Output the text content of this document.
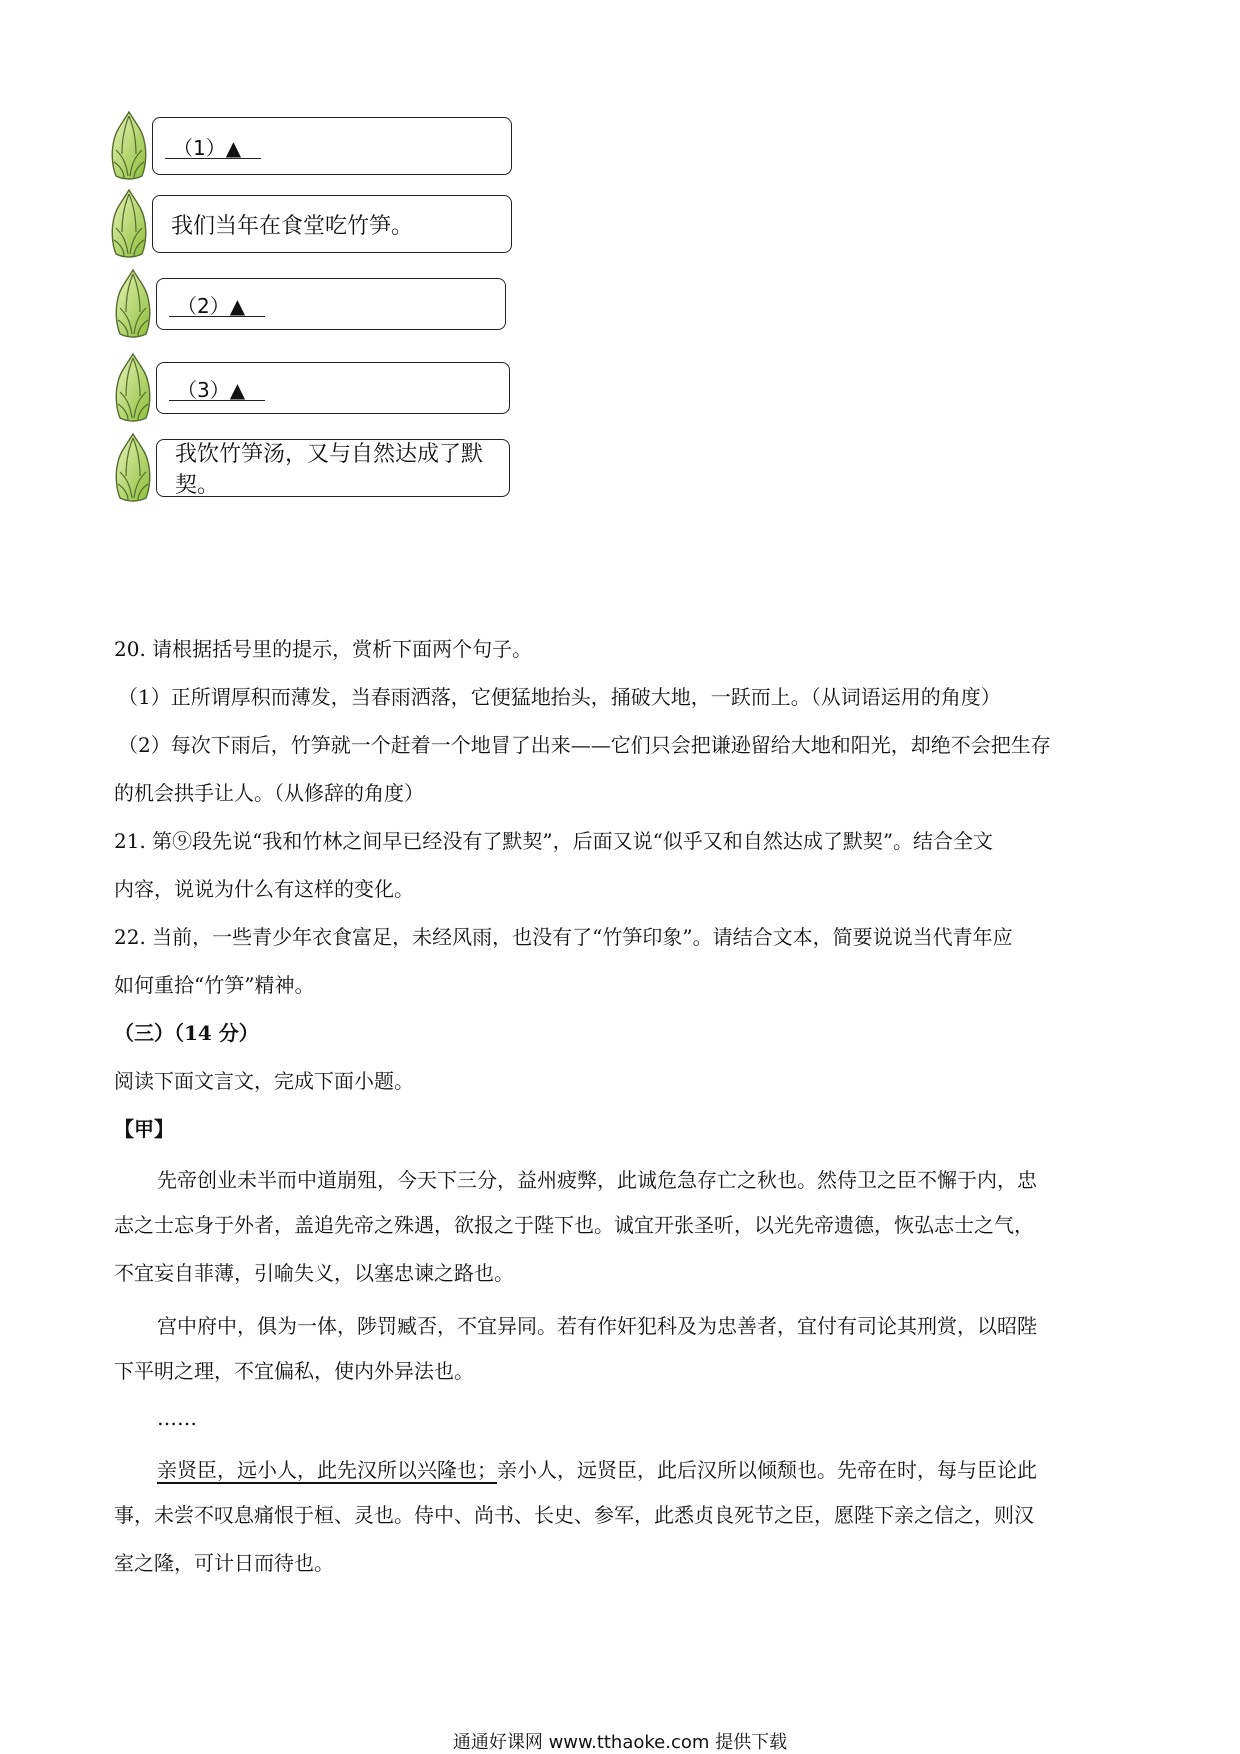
（1）▲
我们当年在食堂吃竹笋。
（2）▲
（3）▲
我饮竹笋汤，又与自然达成了默契。
20. 请根据括号里的提示，赏析下面两个句子。
（1）正所谓厚积而薄发，当春雨洒落，它便猛地抬头，捅破大地，一跃而上。（从词语运用的角度）
（2）每次下雨后，竹笋就一个赶着一个地冒了出来——它们只会把谦逊留给大地和阳光，却绝不会把生存
的机会拱手让人。（从修辞的角度）
21. 第⑨段先说“我和竹林之间早已经没有了默契”，后面又说“似乎又和自然达成了默契”。结合全文
内容，说说为什么有这样的变化。
22. 当前，一些青少年衣食富足，未经风雨，也没有了“竹笋印象”。请结合文本，简要说说当代青年应
如何重拾“竹笋”精神。
（三）（14 分）
阅读下面文言文，完成下面小题。
【甲】
先帝创业未半而中道崩殂，今天下三分，益州疲弊，此诚危急存亡之秋也。然侍卫之臣不懈于内，忠
志之士忘身于外者，盖追先帝之殊遇，欲报之于陛下也。诚宜开张圣听，以光先帝遗德，恢弘志士之气，
不宜妄自菲薄，引喻失义，以塞忠谏之路也。
宫中府中，俱为一体，陟罚臧否，不宜异同。若有作奸犯科及为忠善者，宜付有司论其刑赏，以昭陛
下平明之理，不宜偏私，使内外异法也。
……
亲贤臣，远小人，此先汉所以兴隆也；亲小人，远贤臣，此后汉所以倾颓也。先帝在时，每与臣论此
事，未尝不叹息痛恨于桓、灵也。侍中、尚书、长史、参军，此悉贞良死节之臣，愿陛下亲之信之，则汉
室之隆，可计日而待也。
通通好课网 www.tthaoke.com 提供下载
